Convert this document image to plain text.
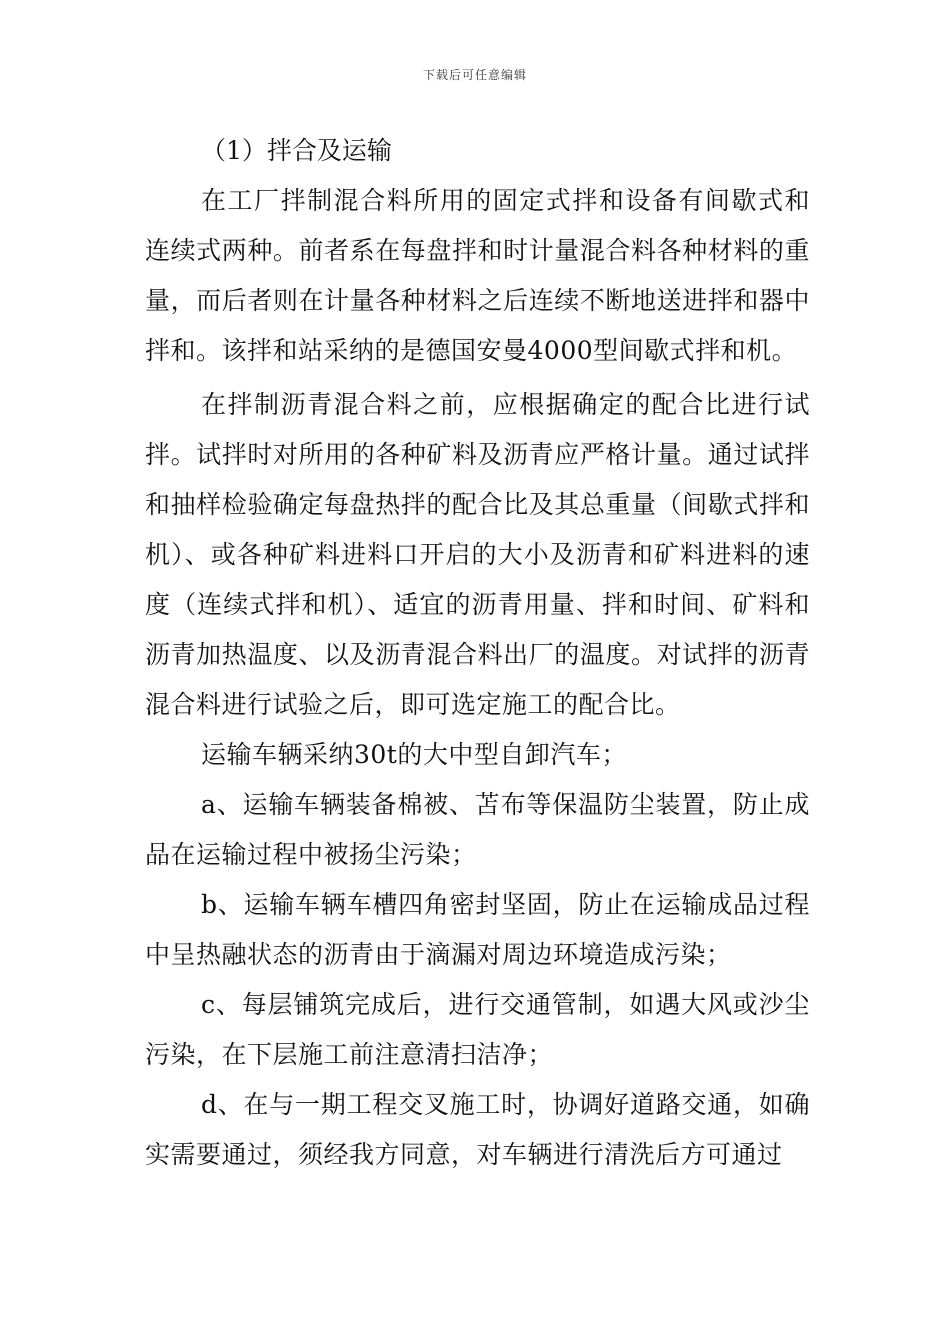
下载后可任意编辑

（1）拌合及运输

在工厂拌制混合料所用的固定式拌和设备有间歇式和连续式两种。前者系在每盘拌和时计量混合料各种材料的重量，而后者则在计量各种材料之后连续不断地送进拌和器中拌和。该拌和站采纳的是德国安曼4000型间歇式拌和机。

在拌制沥青混合料之前，应根据确定的配合比进行试拌。试拌时对所用的各种矿料及沥青应严格计量。通过试拌和抽样检验确定每盘热拌的配合比及其总重量（间歇式拌和机）、或各种矿料进料口开启的大小及沥青和矿料进料的速度（连续式拌和机）、适宜的沥青用量、拌和时间、矿料和沥青加热温度、以及沥青混合料出厂的温度。对试拌的沥青混合料进行试验之后，即可选定施工的配合比。

运输车辆采纳30t的大中型自卸汽车；

a、运输车辆装备棉被、苫布等保温防尘装置，防止成品在运输过程中被扬尘污染；

b、运输车辆车槽四角密封坚固，防止在运输成品过程中呈热融状态的沥青由于滴漏对周边环境造成污染；

c、每层铺筑完成后，进行交通管制，如遇大风或沙尘污染，在下层施工前注意清扫洁净；

d、在与一期工程交叉施工时，协调好道路交通，如确实需要通过，须经我方同意，对车辆进行清洗后方可通过
